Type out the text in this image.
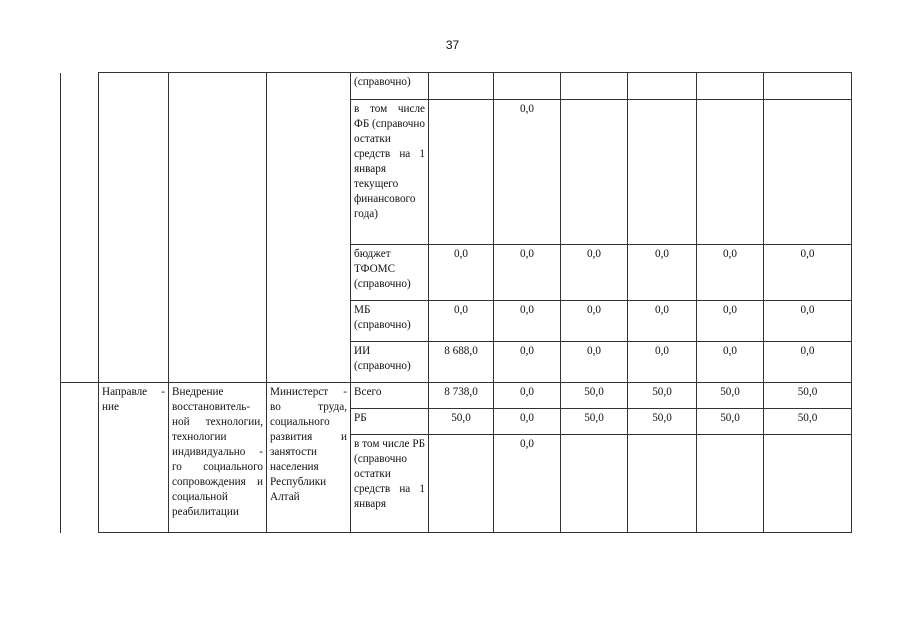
37
				(справочно)						
				в том числе ФБ (справочно остатки средств на 1 января текущего финансового года)		0,0				
				бюджет ТФОМС (справочно)	0,0	0,0	0,0	0,0	0,0	0,0
				МБ (справочно)	0,0	0,0	0,0	0,0	0,0	0,0
				ИИ (справочно)	8 688,0	0,0	0,0	0,0	0,0	0,0
	Направле - ние	Внедрение восстановитель-ной технологии, технологии индивидуально - го социального сопровождения и социальной реабилитации	Министерст - во труда, социального развития и занятости населения Республики Алтай	Всего	8 738,0	0,0	50,0	50,0	50,0	50,0
				РБ	50,0	0,0	50,0	50,0	50,0	50,0
				в том числе РБ (справочно остатки средств на 1 января		0,0				
